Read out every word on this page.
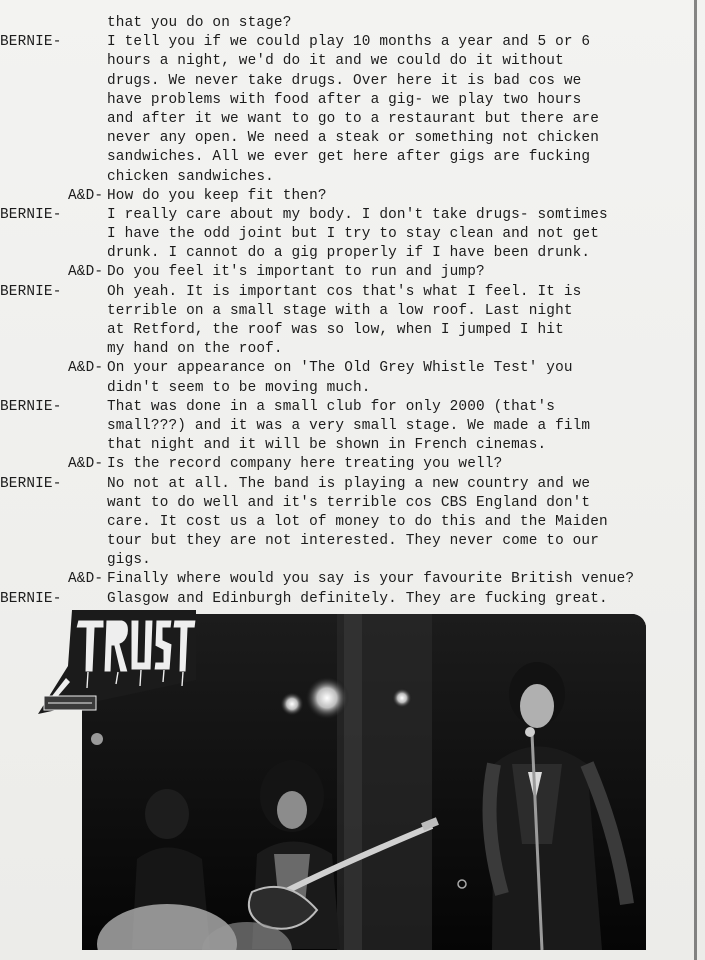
that you do on stage?
BERNIE-	I tell you if we could play 10 months a year and 5 or 6
hours a night, we'd do it and we could do it without
drugs. We never take drugs. Over here it is bad cos we
have problems with food after a gig- we play two hours
and after it we want to go to a restaurant but there are
never any open. We need a steak or something not chicken
sandwiches. All we ever get here after gigs are fucking
chicken sandwiches.
A&D- How do you keep fit then?
BERNIE-	I really care about my body. I don't take drugs- somtimes
I have the odd joint but I try to stay clean and not get
drunk. I cannot do a gig properly if I have been drunk.
A&D- Do you feel it's important to run and jump?
BERNIE-	Oh yeah. It is important cos that's what I feel. It is
terrible on a small stage with a low roof. Last night
at Retford, the roof was so low, when I jumped I hit
my hand on the roof.
A&D- On your appearance on 'The Old Grey Whistle Test' you
didn't seem to be moving much.
BERNIE-	That was done in a small club for only 2000 (that's
small???) and it was a very small stage. We made a film
that night and it will be shown in French cinemas.
A&D- Is the record company here treating you well?
BERNIE-	No not at all. The band is playing a new country and we
want to do well and it's terrible cos CBS England don't
care. It cost us a lot of money to do this and the Maiden
tour but they are not interested. They never come to our
gigs.
A&D- Finally where would you say is your favourite British venue?
BERNIE-	Glasgow and Edinburgh definitely. They are fucking great.
